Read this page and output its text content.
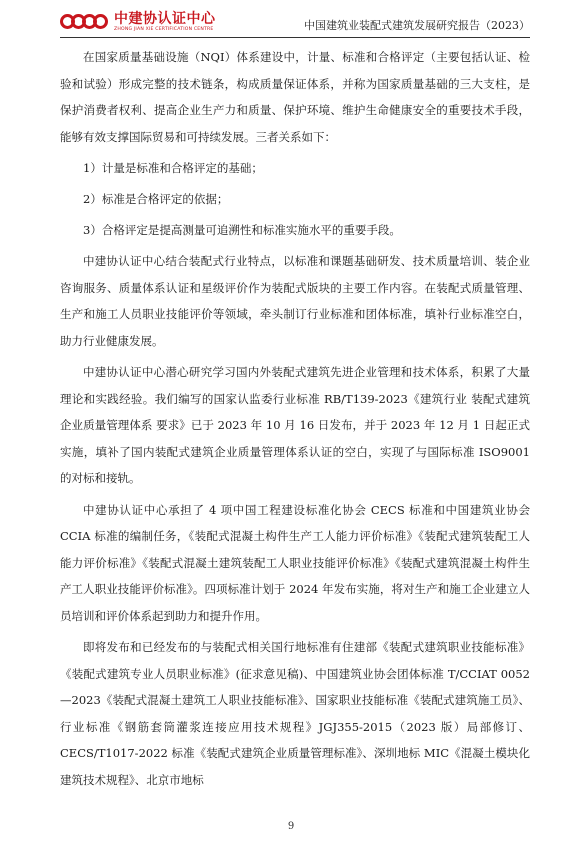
中建协认证中心
ZHONG JIAN XIE CERTIFICATION CENTRE	中国建筑业装配式建筑发展研究报告（2023）

在国家质量基础设施（NQI）体系建设中，计量、标准和合格评定（主要包括认证、检验和试验）形成完整的技术链条，构成质量保证体系，并称为国家质量基础的三大支柱，是保护消费者权利、提高企业生产力和质量、保护环境、维护生命健康安全的重要技术手段，能够有效支撑国际贸易和可持续发展。三者关系如下：

1）计量是标准和合格评定的基础；

2）标准是合格评定的依据；

3）合格评定是提高测量可追溯性和标准实施水平的重要手段。

中建协认证中心结合装配式行业特点，以标准和课题基础研发、技术质量培训、装企业咨询服务、质量体系认证和星级评价作为装配式版块的主要工作内容。在装配式质量管理、生产和施工人员职业技能评价等领域，牵头制订行业标准和团体标准，填补行业标准空白，助力行业健康发展。

中建协认证中心潜心研究学习国内外装配式建筑先进企业管理和技术体系，积累了大量理论和实践经验。我们编写的国家认监委行业标准 RB/T139-2023《建筑行业 装配式建筑企业质量管理体系 要求》已于 2023 年 10 月 16 日发布，并于 2023 年 12 月 1 日起正式实施，填补了国内装配式建筑企业质量管理体系认证的空白，实现了与国际标准 ISO9001 的对标和接轨。

中建协认证中心承担了 4 项中国工程建设标准化协会 CECS 标准和中国建筑业协会 CCIA 标准的编制任务，《装配式混凝土构件生产工人能力评价标准》《装配式建筑装配工人能力评价标准》《装配式混凝土建筑装配工人职业技能评价标准》《装配式建筑混凝土构件生产工人职业技能评价标准》。四项标准计划于 2024 年发布实施，将对生产和施工企业建立人员培训和评价体系起到助力和提升作用。

即将发布和已经发布的与装配式相关国行地标准有住建部《装配式建筑职业技能标准》《装配式建筑专业人员职业标准》(征求意见稿)、中国建筑业协会团体标准 T/CCIAT 0052—2023《装配式混凝土建筑工人职业技能标准》、国家职业技能标准《装配式建筑施工员》、行业标准《钢筋套筒灌浆连接应用技术规程》JGJ355-2015（2023 版）局部修订、CECS/T1017-2022 标准《装配式建筑企业质量管理标准》、深圳地标 MIC《混凝土模块化建筑技术规程》、北京市地标

9
